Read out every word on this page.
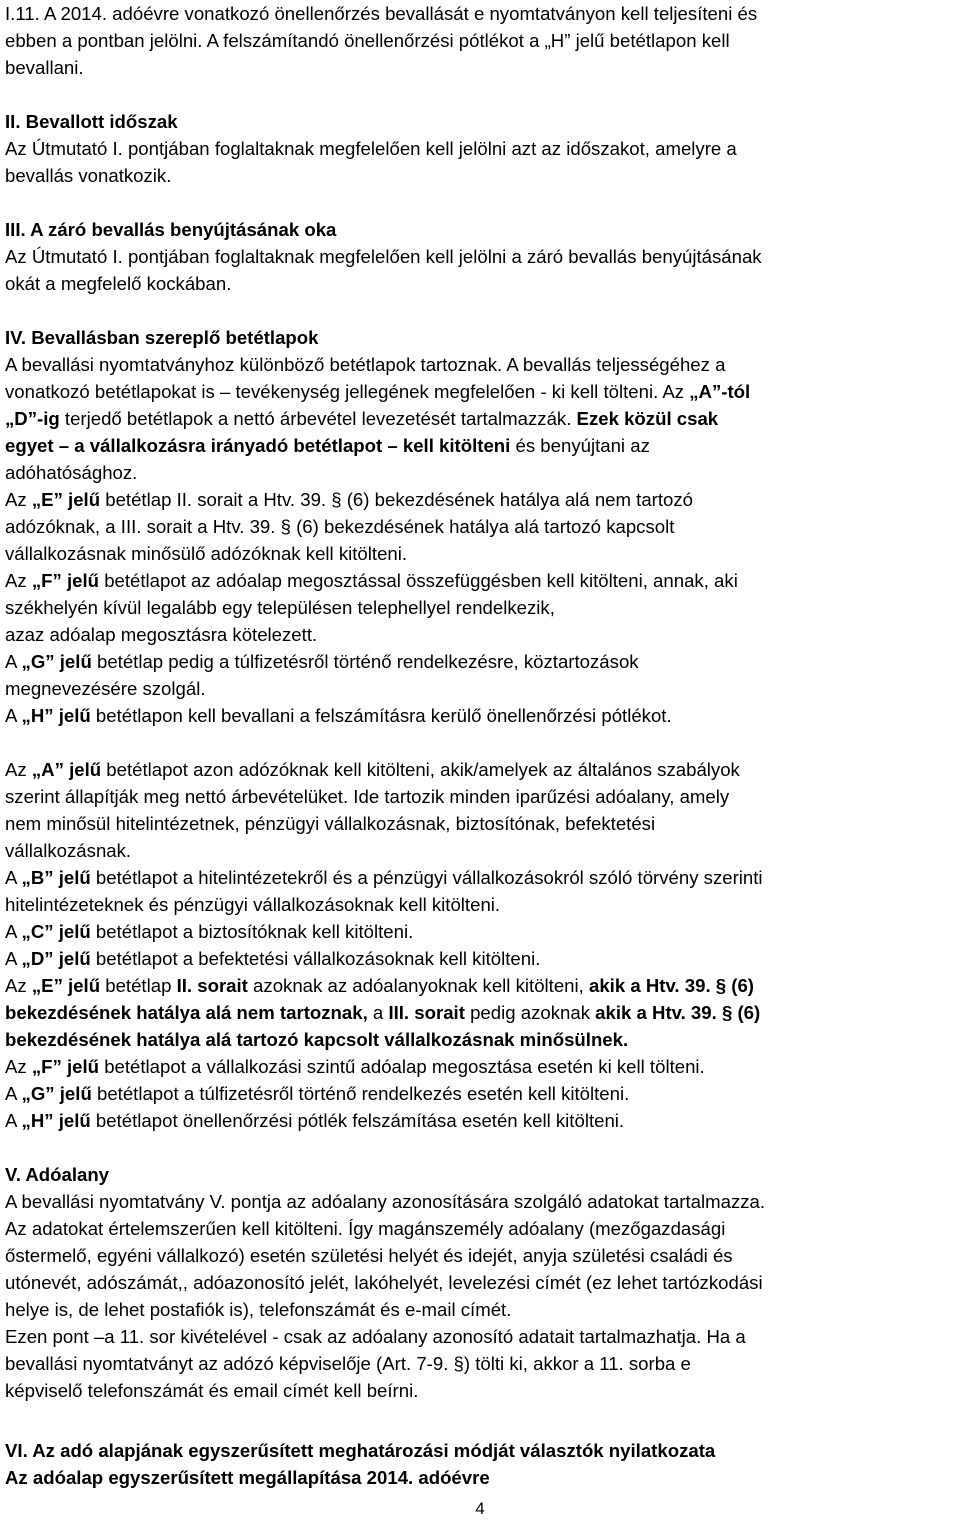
I.11. A 2014. adóévre vonatkozó önellenőrzés bevallását e nyomtatványon kell teljesíteni és

ebben a pontban jelölni. A felszámítandó önellenőrzési pótlékot a „H” jelű betétlapon kell

bevallani.

II. Bevallott időszak

Az Útmutató I. pontjában foglaltaknak megfelelően kell jelölni azt az időszakot, amelyre a

bevallás vonatkozik.

III. A záró bevallás benyújtásának oka

Az Útmutató I. pontjában foglaltaknak megfelelően kell jelölni a záró bevallás benyújtásának

okát a megfelelő kockában.

IV. Bevallásban szereplő betétlapok

A bevallási nyomtatványhoz különböző betétlapok tartoznak. A bevallás teljességéhez a

vonatkozó betétlapokat is – tevékenység jellegének megfelelően - ki kell tölteni. Az „A”-tól

„D”-ig terjedő betétlapok a nettó árbevétel levezetését tartalmazzák. Ezek közül csak

egyet – a vállalkozásra irányadó betétlapot – kell kitölteni és benyújtani az

adóhatósághoz.

Az „E” jelű betétlap II. sorait a Htv. 39. § (6) bekezdésének hatálya alá nem tartozó

adózóknak, a III. sorait a Htv. 39. § (6) bekezdésének hatálya alá tartozó kapcsolt

vállalkozásnak minősülő adózóknak kell kitölteni.

Az „F” jelű betétlapot az adóalap megosztással összefüggésben kell kitölteni, annak, aki

székhelyén kívül legalább egy településen telephellyel rendelkezik,

azaz adóalap megosztásra kötelezett.

A „G” jelű betétlap pedig a túlfizetésről történő rendelkezésre, köztartozások

megnevezésére szolgál.

A „H” jelű betétlapon kell bevallani a felszámításra kerülő önellenőrzési pótlékot.

Az „A” jelű betétlapot azon adózóknak kell kitölteni, akik/amelyek az általános szabályok

szerint állapítják meg nettó árbevételüket. Ide tartozik minden iparűzési adóalany, amely

nem minősül hitelintézetnek, pénzügyi vállalkozásnak, biztosítónak, befektetési

vállalkozásnak.

A „B” jelű betétlapot a hitelintézetekről és a pénzügyi vállalkozásokról szóló törvény szerinti

hitelintézeteknek és pénzügyi vállalkozásoknak kell kitölteni.

A „C” jelű betétlapot a biztosítóknak kell kitölteni.

A „D” jelű betétlapot a befektetési vállalkozásoknak kell kitölteni.

Az „E” jelű betétlap II. sorait azoknak az adóalanyoknak kell kitölteni, akik a Htv. 39. § (6)

bekezdésének hatálya alá nem tartoznak, a III. sorait pedig azoknak akik a Htv. 39. § (6)

bekezdésének hatálya alá tartozó kapcsolt vállalkozásnak minősülnek.

Az „F” jelű betétlapot a vállalkozási szintű adóalap megosztása esetén ki kell tölteni.

A „G” jelű betétlapot a túlfizetésről történő rendelkezés esetén kell kitölteni.

A „H” jelű betétlapot önellenőrzési pótlék felszámítása esetén kell kitölteni.

V. Adóalany

A bevallási nyomtatvány V. pontja az adóalany azonosítására szolgáló adatokat tartalmazza.

Az adatokat értelemszerűen kell kitölteni. Így magánszemély adóalany (mezőgazdasági

őstermelő, egyéni vállalkozó) esetén születési helyét és idejét, anyja születési családi és

utónevét, adószámát,, adóazonosító jelét, lakóhelyét, levelezési címét (ez lehet tartózkodási

helye is, de lehet postafiók is), telefonszámát és e-mail címét.

Ezen pont –a 11. sor kivételével - csak az adóalany azonosító adatait tartalmazhatja. Ha a

bevallási nyomtatványt az adózó képviselője (Art. 7-9. §) tölti ki, akkor a 11. sorba e

képviselő telefonszámát és email címét kell beírni.

VI. Az adó alapjának egyszerűsített meghatározási módját választók nyilatkozata

Az adóalap egyszerűsített megállapítása 2014. adóévre

4
